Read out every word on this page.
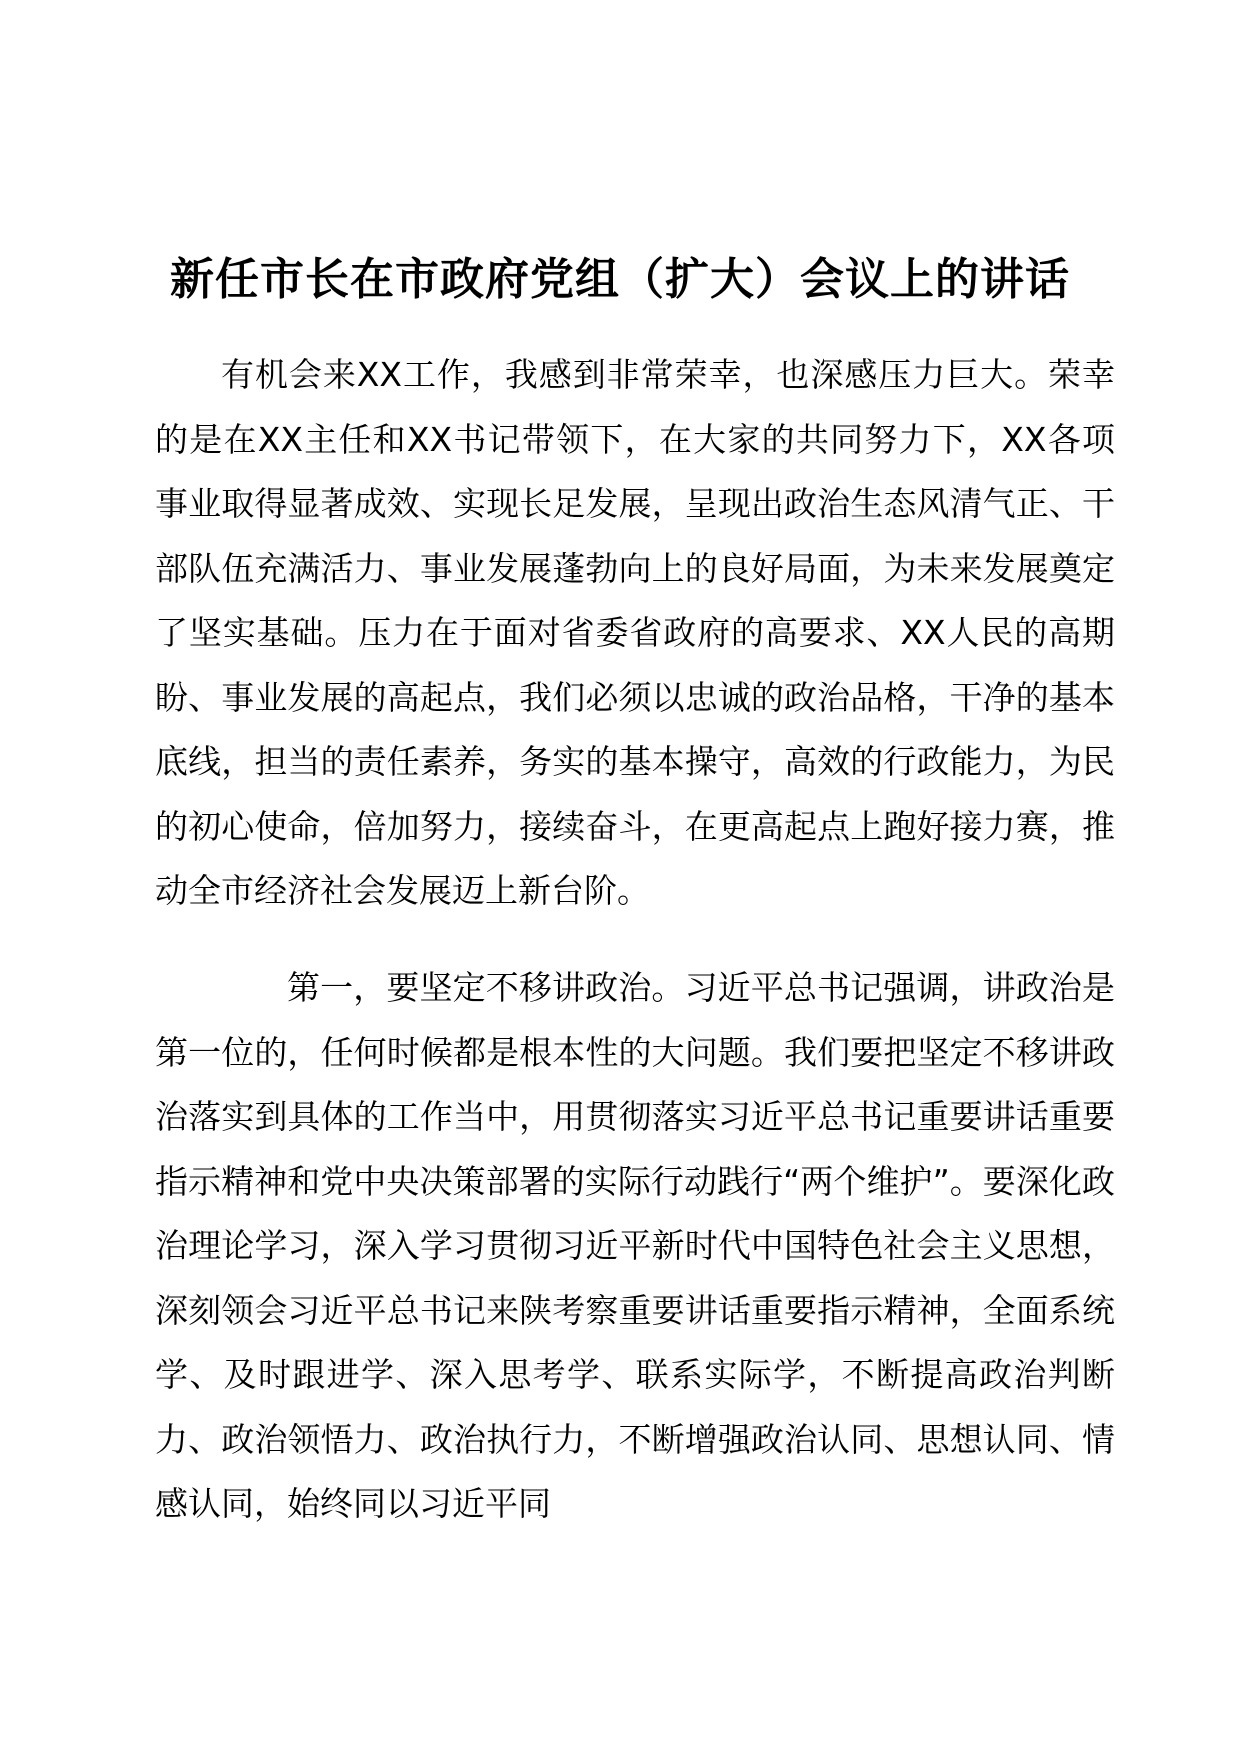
新任市长在市政府党组（扩大）会议上的讲话

有机会来XX工作，我感到非常荣幸，也深感压力巨大。荣幸的是在XX主任和XX书记带领下，在大家的共同努力下，XX各项事业取得显著成效、实现长足发展，呈现出政治生态风清气正、干部队伍充满活力、事业发展蓬勃向上的良好局面，为未来发展奠定了坚实基础。压力在于面对省委省政府的高要求、XX人民的高期盼、事业发展的高起点，我们必须以忠诚的政治品格，干净的基本底线，担当的责任素养，务实的基本操守，高效的行政能力，为民的初心使命，倍加努力，接续奋斗，在更高起点上跑好接力赛，推动全市经济社会发展迈上新台阶。

第一，要坚定不移讲政治。习近平总书记强调，讲政治是第一位的，任何时候都是根本性的大问题。我们要把坚定不移讲政治落实到具体的工作当中，用贯彻落实习近平总书记重要讲话重要指示精神和党中央决策部署的实际行动践行“两个维护”。要深化政治理论学习，深入学习贯彻习近平新时代中国特色社会主义思想，深刻领会习近平总书记来陕考察重要讲话重要指示精神，全面系统学、及时跟进学、深入思考学、联系实际学，不断提高政治判断力、政治领悟力、政治执行力，不断增强政治认同、思想认同、情感认同，始终同以习近平同
